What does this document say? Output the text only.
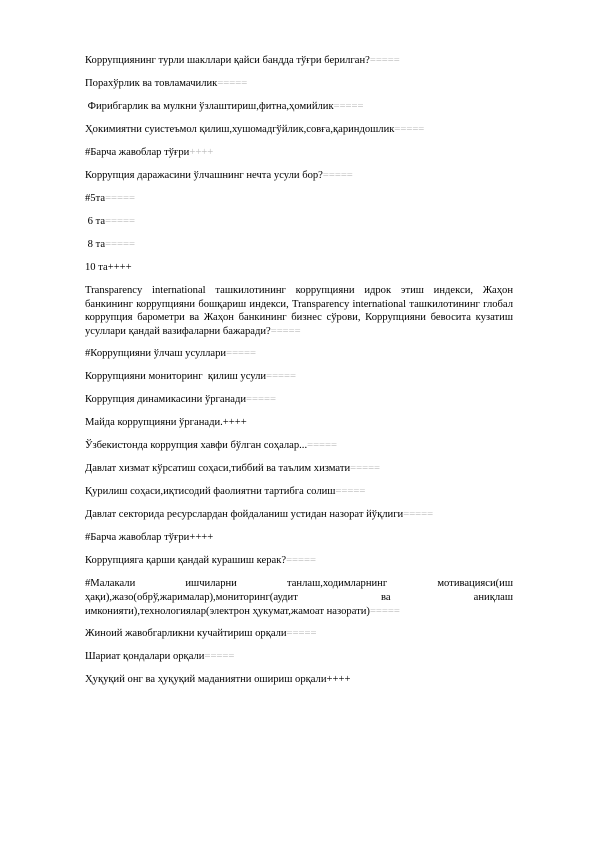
Коррупциянинг турли шакллари қайси бандда тўғри берилган?=====
Порахўрлик ва товламачилик=====
Фирибгарлик ва мулкни ўзлаштириш,фитна,ҳомийлик=====
Ҳокимиятни суистеъмол қилиш,хушомадгўйлик,совға,қариндошлик=====
#Барча жавоблар тўғри++++
Коррупция даражасини ўлчашнинг нечта усули бор?=====
#5та=====
6 та=====
8 та=====
10 та++++
Transparency international ташкилотининг коррупцияни идрок этиш индекси, Жаҳон банкининг коррупцияни бошқариш индекси, Transparency international ташкилотининг глобал коррупция барометри ва Жаҳон банкининг бизнес сўрови, Коррупцияни бевосита кузатиш усуллари қандай вазифаларни бажаради?=====
#Коррупцияни ўлчаш усуллари=====
Коррупцияни мониторинг  қилиш усули=====
Коррупция динамикасини ўрганади=====
Майда коррупцияни ўрганади.++++
Ўзбекистонда коррупция хавфи бўлган соҳалар...=====
Давлат хизмат кўрсатиш соҳаси,тиббий ва таълим хизмати=====
Қурилиш соҳаси,иқтисодий фаолиятни тартибга солиш=====
Давлат секторида ресурслардан фойдаланиш устидан назорат йўқлиги=====
#Барча жавоблар тўғри++++
Коррупцияга қарши қандай курашиш керак?=====
#Малакали ишчиларни танлаш,ходимларнинг мотивацияси(иш ҳақи),жазо(обрў,жарималар),мониторинг(аудит ва аниқлаш имконияти),технологиялар(электрон ҳукумат,жамоат назорати)=====
Жиноий жавобгарликни кучайтириш орқали=====
Шариат қондалари орқали=====
Ҳуқуқий онг ва ҳуқуқий маданиятни ошириш орқали++++
